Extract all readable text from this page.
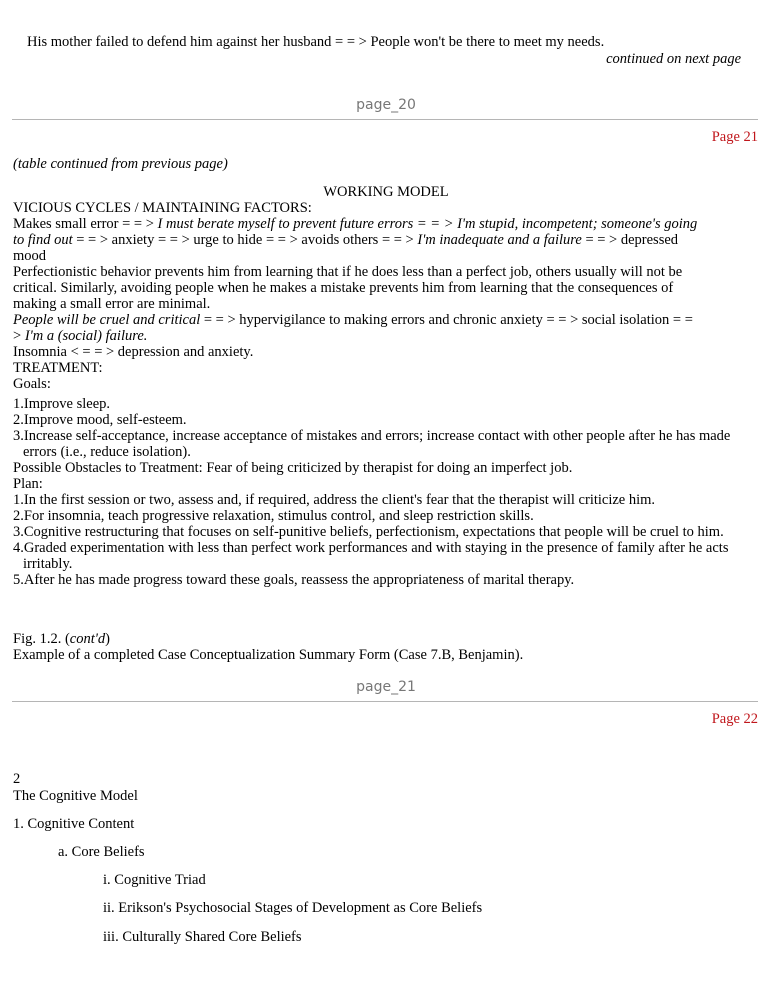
His mother failed to defend him against her husband = = > People won't be there to meet my needs.
continued on next page
page_20
Page 21
(table continued from previous page)
WORKING MODEL

VICIOUS CYCLES / MAINTAINING FACTORS:

Makes small error = = > I must berate myself to prevent future errors = = > I'm stupid, incompetent; someone's going

to find out = = > anxiety = = > urge to hide = = > avoids others = = > I'm inadequate and a failure = = > depressed

mood

Perfectionistic behavior prevents him from learning that if he does less than a perfect job, others usually will not be

critical. Similarly, avoiding people when he makes a mistake prevents him from learning that the consequences of

making a small error are minimal.

People will be cruel and critical = = > hypervigilance to making errors and chronic anxiety = = > social isolation = =

> I'm a (social) failure.

Insomnia < = = > depression and anxiety.

TREATMENT:

Goals:

1.Improve sleep.
2.Improve mood, self-esteem.
3.Increase self-acceptance, increase acceptance of mistakes and errors; increase contact with other people after he has made errors (i.e., reduce isolation).

Possible Obstacles to Treatment: Fear of being criticized by therapist for doing an imperfect job.

Plan:

1.In the first session or two, assess and, if required, address the client's fear that the therapist will criticize him.
2.For insomnia, teach progressive relaxation, stimulus control, and sleep restriction skills.
3.Cognitive restructuring that focuses on self-punitive beliefs, perfectionism, expectations that people will be cruel to him.
4.Graded experimentation with less than perfect work performances and with staying in the presence of family after he acts irritably.
5.After he has made progress toward these goals, reassess the appropriateness of marital therapy.
Fig. 1.2. (cont'd)
Example of a completed Case Conceptualization Summary Form (Case 7.B, Benjamin).
page_21
Page 22
2
The Cognitive Model
1. Cognitive Content
a. Core Beliefs
i. Cognitive Triad
ii. Erikson's Psychosocial Stages of Development as Core Beliefs
iii. Culturally Shared Core Beliefs
